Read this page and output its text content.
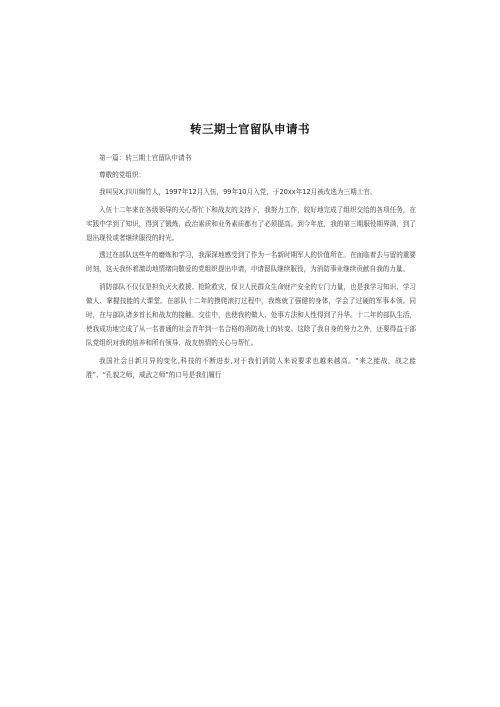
转三期士官留队申请书

第一篇：转三期士官留队申请书

尊敬的党组织：

我叫吴X,四川绵竹人，1997年12月入伍，99年10月入党，于20xx年12月被改选为三期士官。

入伍十二年来在各级领导的关心帮忙下和战友的支持下，我努力工作，较好地完成了组织交给的各项任务，在实践中学到了知识，得到了锻炼，政治素质和业务素质都有了必须提高。到今年底，我的第三期服役期界满，到了退出现役或者继续服役的时光。

透过在部队这些年的磨炼和学习，我深深地感受到了作为一名新时期军人的价值所在。在面临着去与留的重要时刻，这天我怀着激动地情绪向敬爱的党组织提出申请，申请留队继续服役，为消防事业继续贡献自我的力量。

消防部队不仅仅是担负灭火救援、抢险救灾，保卫人民群众生命财产安全的专门力量，也是我学习知识、学习做人、掌握技能的大课堂。在部队十二年的摸爬滚打过程中，我炼就了强健的身体，学会了过硬的军事本领。同时，在与部队诸多首长和战友的接触、交往中，也使我的做人、处事方法和人性得到了升华。十二年的部队生活，使我成功地完成了从一名普通的社会青年到一名合格的消防战士的转变。这除了我自身的努力之外，还要得益于部队党组织对我的培养和所有领导、战友热情的关心与帮忙。

我国社会日新月异的变化,科技的不断进步,对于我们消防人来说要求也越来越高。“来之能战，战之能胜”、“孔貌之师，威武之师”的口号是我们履行
